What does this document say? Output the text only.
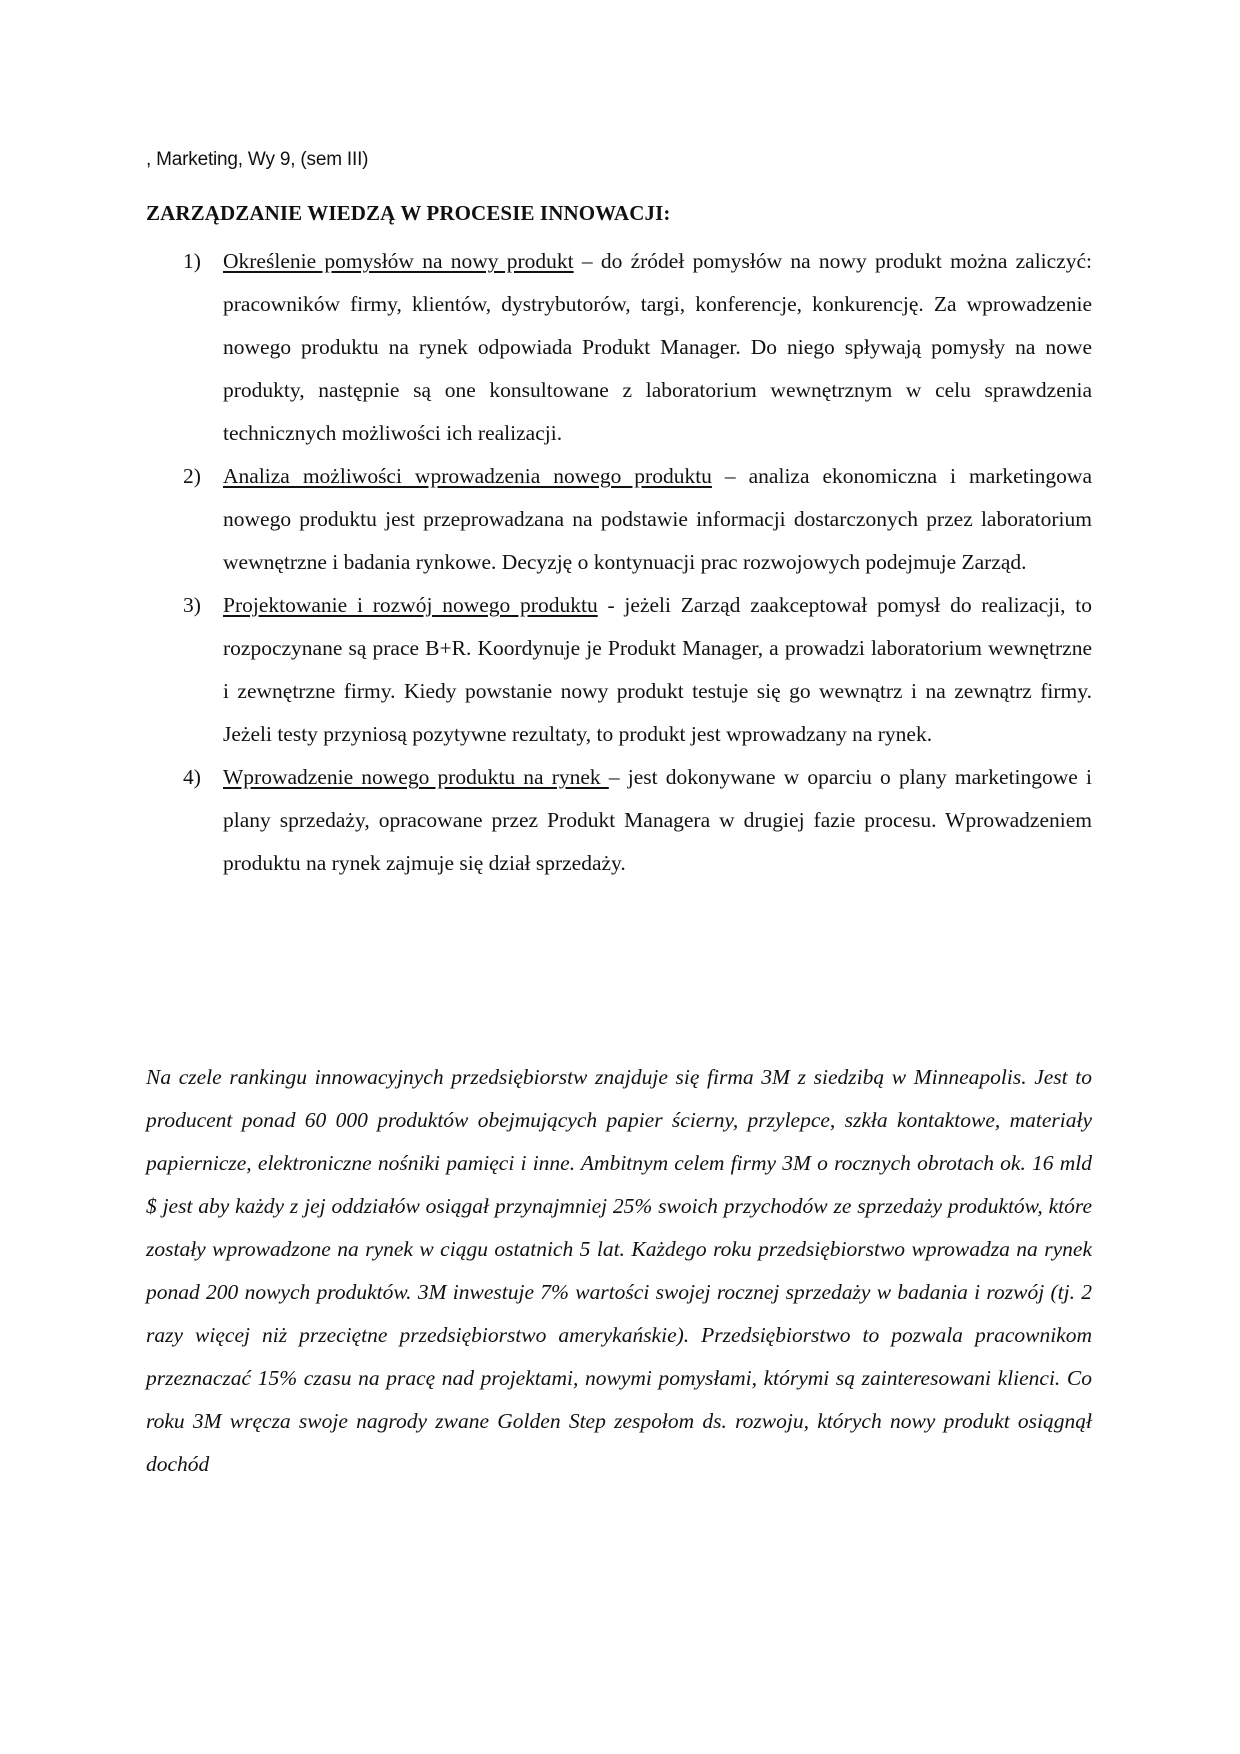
, Marketing, Wy 9, (sem III)
ZARZĄDZANIE WIEDZĄ W PROCESIE INNOWACJI:
1) Określenie pomysłów na nowy produkt – do źródeł pomysłów na nowy produkt można zaliczyć: pracowników firmy, klientów, dystrybutorów, targi, konferencje, konkurencję. Za wprowadzenie nowego produktu na rynek odpowiada Produkt Manager. Do niego spływają pomysły na nowe produkty, następnie są one konsultowane z laboratorium wewnętrznym w celu sprawdzenia technicznych możliwości ich realizacji.
2) Analiza możliwości wprowadzenia nowego produktu – analiza ekonomiczna i marketingowa nowego produktu jest przeprowadzana na podstawie informacji dostarczonych przez laboratorium wewnętrzne i badania rynkowe. Decyzję o kontynuacji prac rozwojowych podejmuje Zarząd.
3) Projektowanie i rozwój nowego produktu - jeżeli Zarząd zaakceptował pomysł do realizacji, to rozpoczynane są prace B+R. Koordynuje je Produkt Manager, a prowadzi laboratorium wewnętrzne i zewnętrzne firmy. Kiedy powstanie nowy produkt testuje się go wewnątrz i na zewnątrz firmy. Jeżeli testy przyniosą pozytywne rezultaty, to produkt jest wprowadzany na rynek.
4) Wprowadzenie nowego produktu na rynek – jest dokonywane w oparciu o plany marketingowe i plany sprzedaży, opracowane przez Produkt Managera w drugiej fazie procesu. Wprowadzeniem produktu na rynek zajmuje się dział sprzedaży.

Na czele rankingu innowacyjnych przedsiębiorstw znajduje się firma 3M z siedzibą w Minneapolis. Jest to producent ponad 60 000 produktów obejmujących papier ścierny, przylepce, szkła kontaktowe, materiały papiernicze, elektroniczne nośniki pamięci i inne. Ambitnym celem firmy 3M o rocznych obrotach ok. 16 mld $ jest aby każdy z jej oddziałów osiągał przynajmniej 25% swoich przychodów ze sprzedaży produktów, które zostały wprowadzone na rynek w ciągu ostatnich 5 lat. Każdego roku przedsiębiorstwo wprowadza na rynek ponad 200 nowych produktów. 3M inwestuje 7% wartości swojej rocznej sprzedaży w badania i rozwój (tj. 2 razy więcej niż przeciętne przedsiębiorstwo amerykańskie). Przedsiębiorstwo to pozwala pracownikom przeznaczać 15% czasu na pracę nad projektami, nowymi pomysłami, którymi są zainteresowani klienci. Co roku 3M wręcza swoje nagrody zwane Golden Step zespołom ds. rozwoju, których nowy produkt osiągnął dochód
